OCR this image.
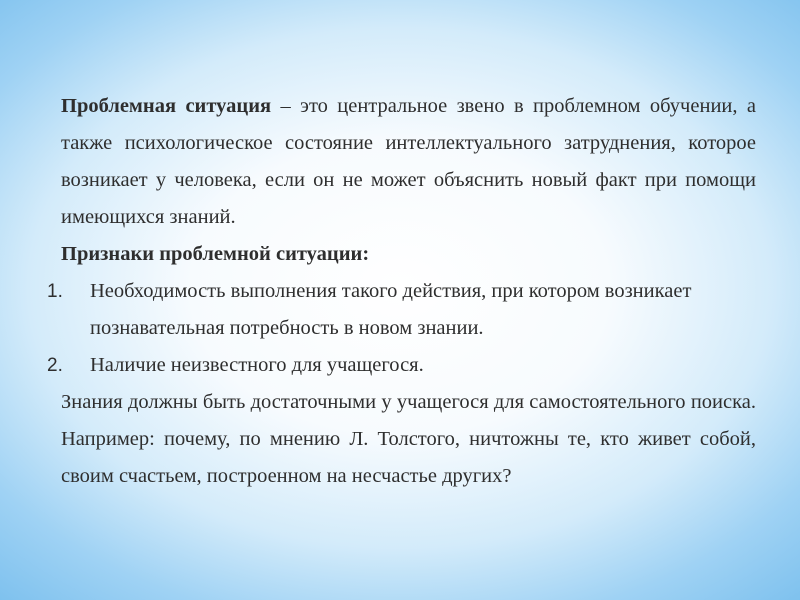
Проблемная ситуация – это центральное звено в проблемном обучении, а также психологическое состояние интеллектуального затруднения, которое возникает у человека, если он не может объяснить новый факт при помощи имеющихся знаний.

Признаки проблемной ситуации:

1. Необходимость выполнения такого действия, при котором возникает познавательная потребность в новом знании.
2. Наличие неизвестного для учащегося.

Знания должны быть достаточными у учащегося для самостоятельного поиска. Например: почему, по мнению Л. Толстого, ничтожны те, кто живет собой, своим счастьем, построенном на несчастье других?
